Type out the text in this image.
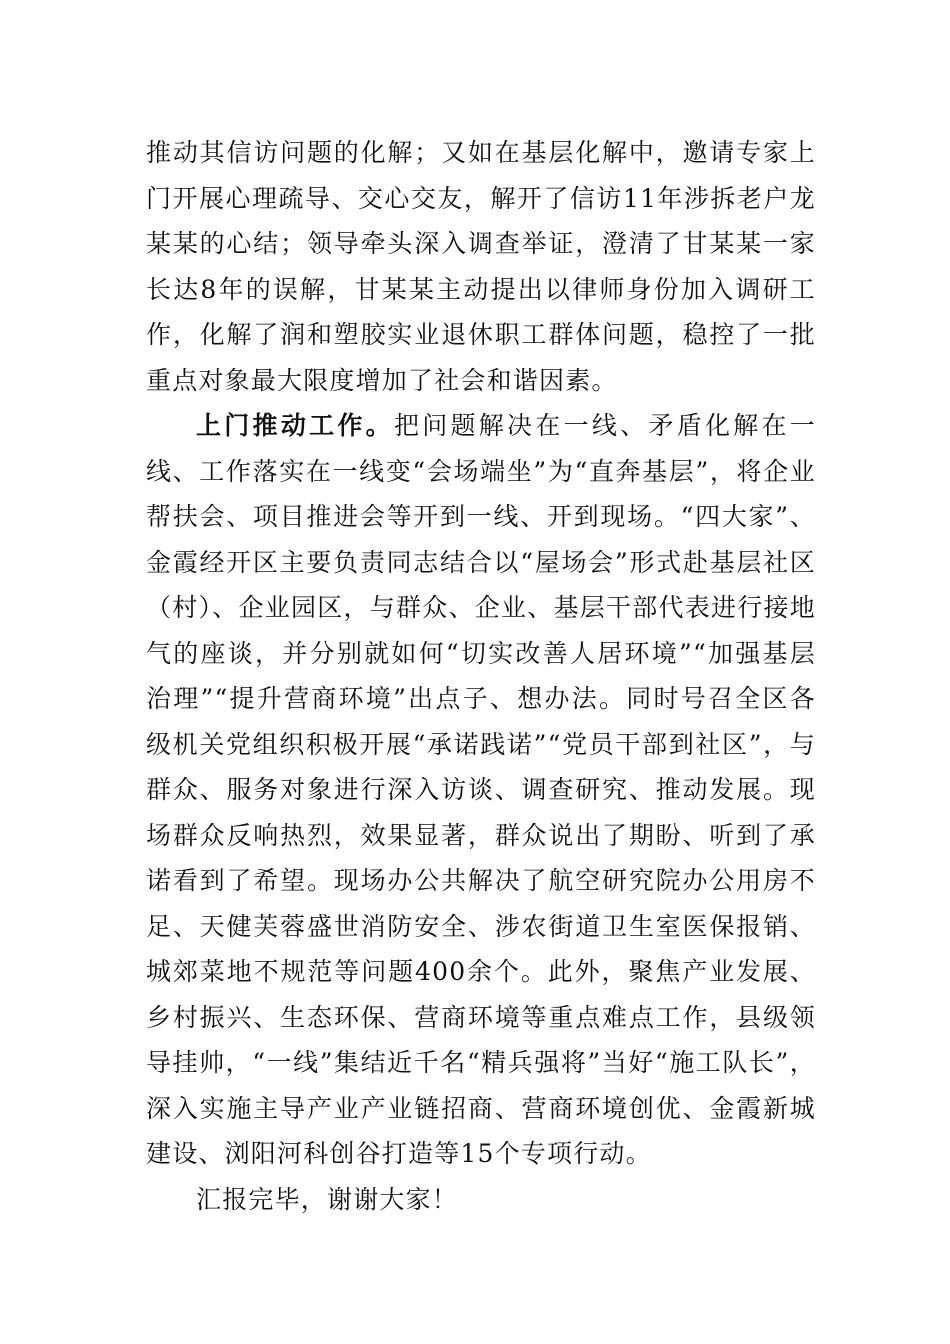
推动其信访问题的化解；又如在基层化解中，邀请专家上门开展心理疏导、交心交友，解开了信访11年涉拆老户龙某某的心结；领导牵头深入调查举证，澄清了甘某某一家长达8年的误解，甘某某主动提出以律师身份加入调研工作，化解了润和塑胶实业退休职工群体问题，稳控了一批重点对象最大限度增加了社会和谐因素。

上门推动工作。把问题解决在一线、矛盾化解在一线、工作落实在一线变“会场端坐”为“直奔基层”，将企业帮扶会、项目推进会等开到一线、开到现场。“四大家”、金霞经开区主要负责同志结合以“屋场会”形式赴基层社区（村）、企业园区，与群众、企业、基层干部代表进行接地气的座谈，并分别就如何“切实改善人居环境”“加强基层治理”“提升营商环境”出点子、想办法。同时号召全区各级机关党组织积极开展“承诺践诺”“党员干部到社区”，与群众、服务对象进行深入访谈、调查研究、推动发展。现场群众反响热烈，效果显著，群众说出了期盼、听到了承诺看到了希望。现场办公共解决了航空研究院办公用房不足、天健芙蓉盛世消防安全、涉农街道卫生室医保报销、城郊菜地不规范等问题400余个。此外，聚焦产业发展、乡村振兴、生态环保、营商环境等重点难点工作，县级领导挂帅，“一线”集结近千名“精兵强将”当好“施工队长”，深入实施主导产业产业链招商、营商环境创优、金霞新城建设、浏阳河科创谷打造等15个专项行动。

汇报完毕，谢谢大家！
